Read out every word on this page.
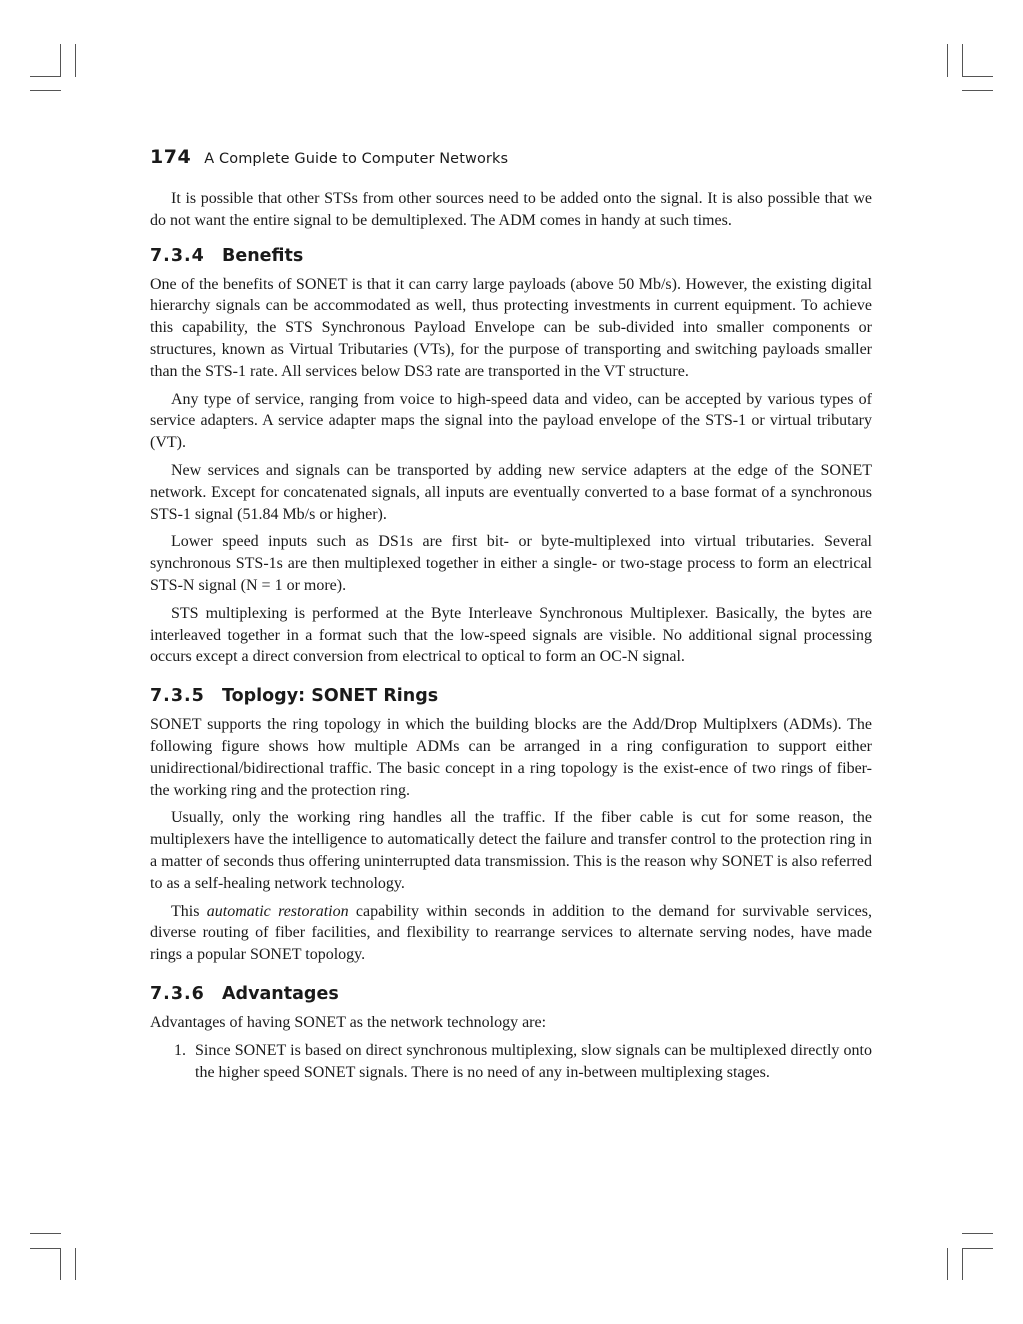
174 A Complete Guide to Computer Networks

It is possible that other STSs from other sources need to be added onto the signal. It is also possible that we do not want the entire signal to be demultiplexed. The ADM comes in handy at such times.

7.3.4 Benefits

One of the benefits of SONET is that it can carry large payloads (above 50 Mb/s). However, the existing digital hierarchy signals can be accommodated as well, thus protecting investments in current equipment. To achieve this capability, the STS Synchronous Payload Envelope can be sub-divided into smaller components or structures, known as Virtual Tributaries (VTs), for the purpose of transporting and switching payloads smaller than the STS-1 rate. All services below DS3 rate are transported in the VT structure.

Any type of service, ranging from voice to high-speed data and video, can be accepted by various types of service adapters. A service adapter maps the signal into the payload envelope of the STS-1 or virtual tributary (VT).

New services and signals can be transported by adding new service adapters at the edge of the SONET network. Except for concatenated signals, all inputs are eventually converted to a base format of a synchronous STS-1 signal (51.84 Mb/s or higher).

Lower speed inputs such as DS1s are first bit- or byte-multiplexed into virtual tributaries. Several synchronous STS-1s are then multiplexed together in either a single- or two-stage process to form an electrical STS-N signal (N = 1 or more).

STS multiplexing is performed at the Byte Interleave Synchronous Multiplexer. Basically, the bytes are interleaved together in a format such that the low-speed signals are visible. No additional signal processing occurs except a direct conversion from electrical to optical to form an OC-N signal.

7.3.5 Toplogy: SONET Rings

SONET supports the ring topology in which the building blocks are the Add/Drop Multiplxers (ADMs). The following figure shows how multiple ADMs can be arranged in a ring configuration to support either unidirectional/bidirectional traffic. The basic concept in a ring topology is the exist-ence of two rings of fiber- the working ring and the protection ring.

Usually, only the working ring handles all the traffic. If the fiber cable is cut for some reason, the multiplexers have the intelligence to automatically detect the failure and transfer control to the protection ring in a matter of seconds thus offering uninterrupted data transmission. This is the reason why SONET is also referred to as a self-healing network technology.

This automatic restoration capability within seconds in addition to the demand for survivable services, diverse routing of fiber facilities, and flexibility to rearrange services to alternate serving nodes, have made rings a popular SONET topology.

7.3.6 Advantages

Advantages of having SONET as the network technology are:

1. Since SONET is based on direct synchronous multiplexing, slow signals can be multiplexed directly onto the higher speed SONET signals. There is no need of any in-between multiplexing stages.
